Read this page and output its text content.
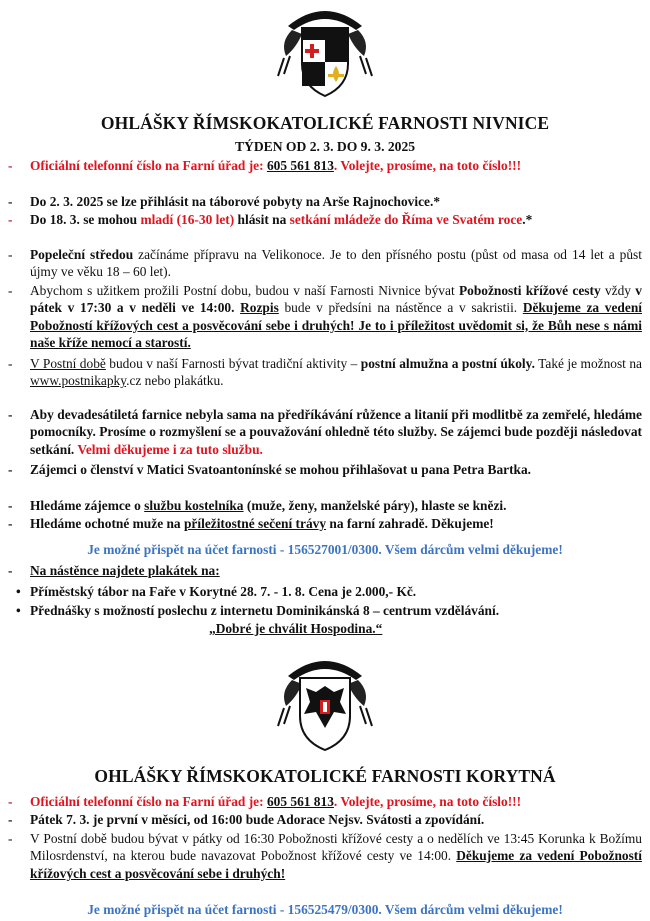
OHLÁŠKY ŘÍMSKOKATOLICKÉ FARNOSTI NIVNICE
TÝDEN OD 2. 3. DO 9. 3. 2025
- Oficiální telefonní číslo na Farní úřad je: 605 561 813. Volejte, prosíme, na toto číslo!!!
- Do 2. 3. 2025 se lze přihlásit na táborové pobyty na Arše Rajnochovice.*
- Do 18. 3. se mohou mladí (16-30 let) hlásit na setkání mládeže do Říma ve Svatém roce.*
- Popeleční středou začínáme přípravu na Velikonoce. Je to den přísného postu (půst od masa od 14 let a půst újmy ve věku 18 – 60 let).
- Abychom s užitkem prožili Postní dobu, budou v naší Farnosti Nivnice bývat Pobožnosti křížové cesty vždy v pátek v 17:30 a v neděli ve 14:00. Rozpis bude v předsíni na nástěnce a v sakristii. Děkujeme za vedení Pobožností křížových cest a posvěcování sebe i druhých! Je to i příležitost uvědomit si, že Bůh nese s námi naše kříže nemocí a starostí.
- V Postní době budou v naší Farnosti bývat tradiční aktivity – postní almužna a postní úkoly. Také je možnost na www.postnikapky.cz nebo plakátku.
- Aby devadesátiletá farnice nebyla sama na předříkávání růžence a litanií při modlitbě za zemřelé, hledáme pomocníky. Prosíme o rozmyšlení se a pouvažování ohledně této služby. Se zájemci bude později následovat setkání. Velmi děkujeme i za tuto službu.
- Zájemci o členství v Matici Svatoantonínské se mohou přihlašovat u pana Petra Bartka.
- Hledáme zájemce o službu kostelníka (muže, ženy, manželské páry), hlaste se knězi.
- Hledáme ochotné muže na příležitostné sečení trávy na farní zahradě. Děkujeme!
Je možné přispět na účet farnosti - 156527001/0300. Všem dárcům velmi děkujeme!
- Na nástěnce najdete plakátek na:
• Příměstský tábor na Faře v Korytné 28. 7. - 1. 8. Cena je 2.000,- Kč.
• Přednášky s možností poslechu z internetu Dominikánská 8 – centrum vzdělávání.
„Dobré je chválit Hospodina.“
OHLÁŠKY ŘÍMSKOKATOLICKÉ FARNOSTI KORYTNÁ
- Oficiální telefonní číslo na Farní úřad je: 605 561 813. Volejte, prosíme, na toto číslo!!!
- Pátek 7. 3. je první v měsíci, od 16:00 bude Adorace Nejsv. Svátosti a zpovídání.
- V Postní době budou bývat v pátky od 16:30 Pobožnosti křížové cesty a o nedělích ve 13:45 Korunka k Božímu Milosrdenství, na kterou bude navazovat Pobožnost křížové cesty ve 14:00. Děkujeme za vedení Pobožností křížových cest a posvěcování sebe i druhých!
Je možné přispět na účet farnosti - 156525479/0300. Všem dárcům velmi děkujeme!
